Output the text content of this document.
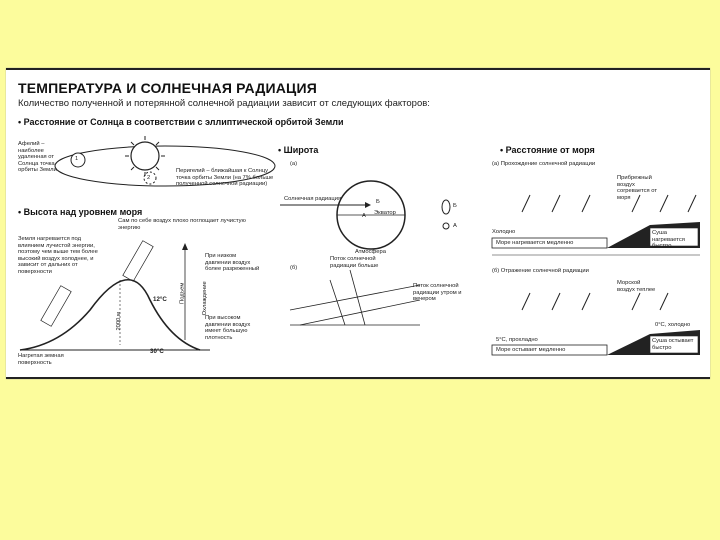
ТЕМПЕРАТУРА И СОЛНЕЧНАЯ РАДИАЦИЯ
Количество полученной и потерянной солнечной радиации зависит от следующих факторов:
• Расстояние от Солнца в соответствии с эллиптической орбитой Земли
• Широта	• Расстояние от моря
• Высота над уровнем моря
Афелий – наиболее удаленная от Солнца точка орбиты Земли	Перигелий – ближайшая к Солнцу точка орбиты Земли (на 7% больше полученной солнечной радиации)
1
2
(а)
(б)
Солнечная радиация
Экватор
Б
А
Б
А
Атмосфера
Поток солнечной радиации больше
Поток солнечной радиации утром и вечером
Земля нагревается под влиянием лучистой энергии, поэтому чем выше тем более высокий воздух холоднее, и зависит от дальних от поверхности
Сам по себе воздух плохо поглощает лучистую энергию
При низком давлении воздух более разреженный
При высоком давлении воздух имеет большую плотность
Нагретая земная поверхность
12°C
30°C
2000 м
Подъем	Охлаждение
(а) Прохождение солнечной радиации
(б) Отражение солнечной радиации
Холодно
Море нагревается медленно
Суша нагревается быстро
Море остывает медленно
Суша остывает быстро
Прибрежный воздух согревается от моря
Морской воздух теплее
5°C, прохладно
0°C, холодно
